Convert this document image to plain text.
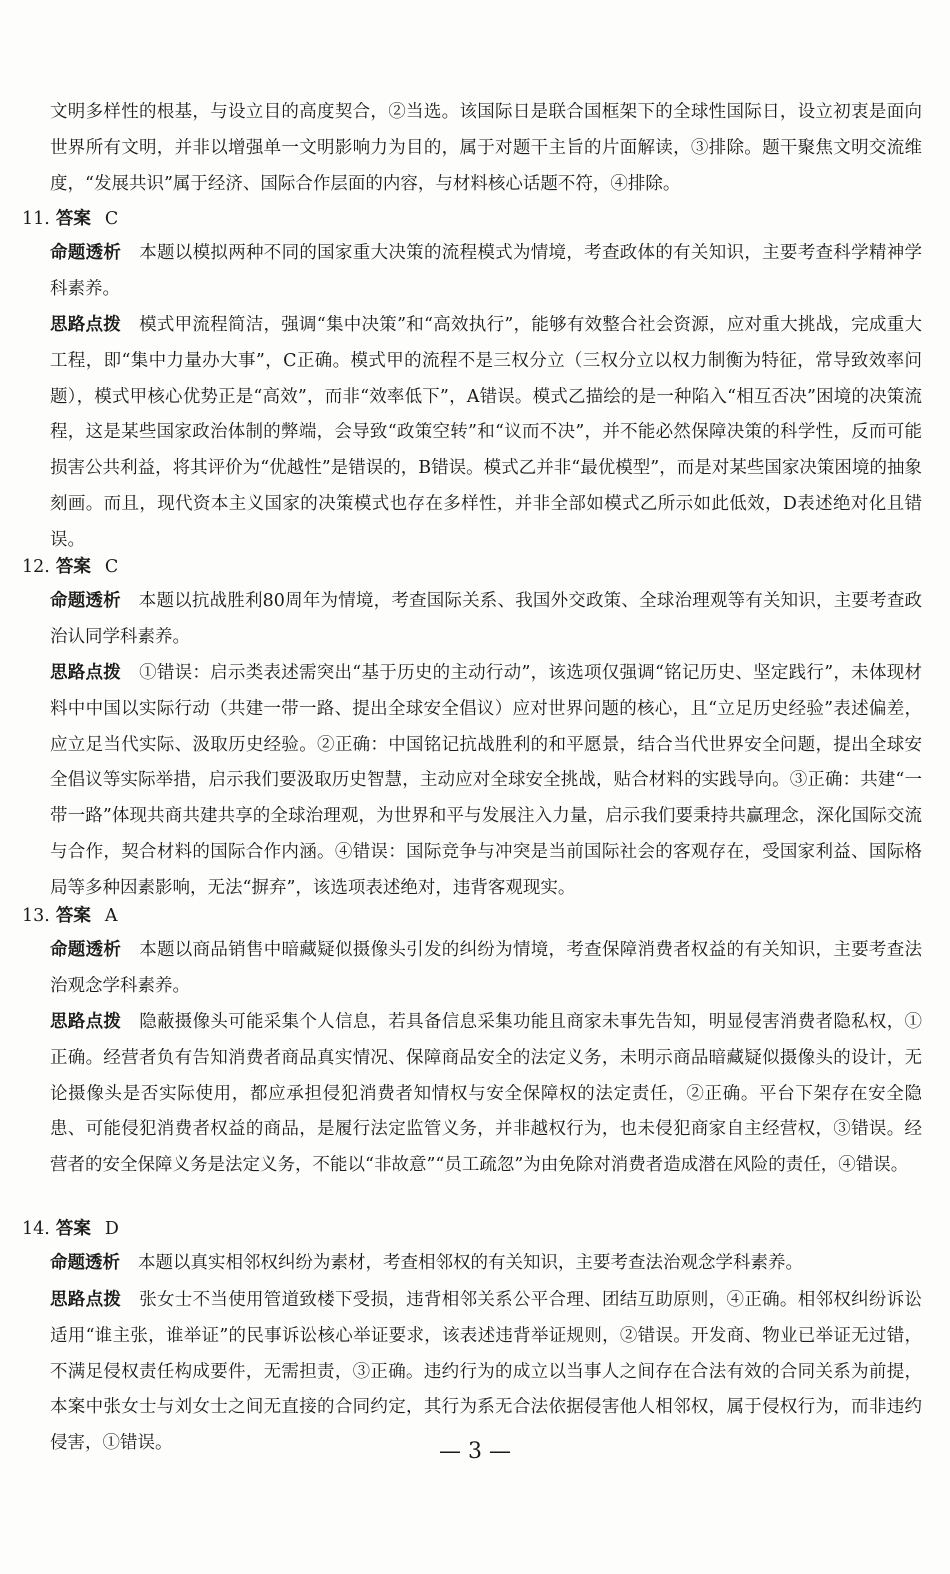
文明多样性的根基，与设立目的高度契合，②当选。该国际日是联合国框架下的全球性国际日，设立初衷是面向世界所有文明，并非以增强单一文明影响力为目的，属于对题干主旨的片面解读，③排除。题干聚焦文明交流维度，“发展共识”属于经济、国际合作层面的内容，与材料核心话题不符，④排除。

11. 答案 C

命题透析 本题以模拟两种不同的国家重大决策的流程模式为情境，考查政体的有关知识，主要考查科学精神学科素养。

思路点拨 模式甲流程简洁，强调“集中决策”和“高效执行”，能够有效整合社会资源，应对重大挑战，完成重大工程，即“集中力量办大事”，C正确。模式甲的流程不是三权分立（三权分立以权力制衡为特征，常导致效率问题），模式甲核心优势正是“高效”，而非“效率低下”，A错误。模式乙描绘的是一种陷入“相互否决”困境的决策流程，这是某些国家政治体制的弊端，会导致“政策空转”和“议而不决”，并不能必然保障决策的科学性，反而可能损害公共利益，将其评价为“优越性”是错误的，B错误。模式乙并非“最优模型”，而是对某些国家决策困境的抽象刻画。而且，现代资本主义国家的决策模式也存在多样性，并非全部如模式乙所示如此低效，D表述绝对化且错误。

12. 答案 C

命题透析 本题以抗战胜利80周年为情境，考查国际关系、我国外交政策、全球治理观等有关知识，主要考查政治认同学科素养。

思路点拨 ①错误：启示类表述需突出“基于历史的主动行动”，该选项仅强调“铭记历史、坚定践行”，未体现材料中中国以实际行动（共建一带一路、提出全球安全倡议）应对世界问题的核心，且“立足历史经验”表述偏差，应立足当代实际、汲取历史经验。②正确：中国铭记抗战胜利的和平愿景，结合当代世界安全问题，提出全球安全倡议等实际举措，启示我们要汲取历史智慧，主动应对全球安全挑战，贴合材料的实践导向。③正确：共建“一带一路”体现共商共建共享的全球治理观，为世界和平与发展注入力量，启示我们要秉持共赢理念，深化国际交流与合作，契合材料的国际合作内涵。④错误：国际竞争与冲突是当前国际社会的客观存在，受国家利益、国际格局等多种因素影响，无法“摒弃”，该选项表述绝对，违背客观现实。

13. 答案 A

命题透析 本题以商品销售中暗藏疑似摄像头引发的纠纷为情境，考查保障消费者权益的有关知识，主要考查法治观念学科素养。

思路点拨 隐蔽摄像头可能采集个人信息，若具备信息采集功能且商家未事先告知，明显侵害消费者隐私权，①正确。经营者负有告知消费者商品真实情况、保障商品安全的法定义务，未明示商品暗藏疑似摄像头的设计，无论摄像头是否实际使用，都应承担侵犯消费者知情权与安全保障权的法定责任，②正确。平台下架存在安全隐患、可能侵犯消费者权益的商品，是履行法定监管义务，并非越权行为，也未侵犯商家自主经营权，③错误。经营者的安全保障义务是法定义务，不能以“非故意”“员工疏忽”为由免除对消费者造成潜在风险的责任，④错误。

14. 答案 D

命题透析 本题以真实相邻权纠纷为素材，考查相邻权的有关知识，主要考查法治观念学科素养。

思路点拨 张女士不当使用管道致楼下受损，违背相邻关系公平合理、团结互助原则，④正确。相邻权纠纷诉讼适用“谁主张，谁举证”的民事诉讼核心举证要求，该表述违背举证规则，②错误。开发商、物业已举证无过错，不满足侵权责任构成要件，无需担责，③正确。违约行为的成立以当事人之间存在合法有效的合同关系为前提，本案中张女士与刘女士之间无直接的合同约定，其行为系无合法依据侵害他人相邻权，属于侵权行为，而非违约侵害，①错误。	— 3 —
